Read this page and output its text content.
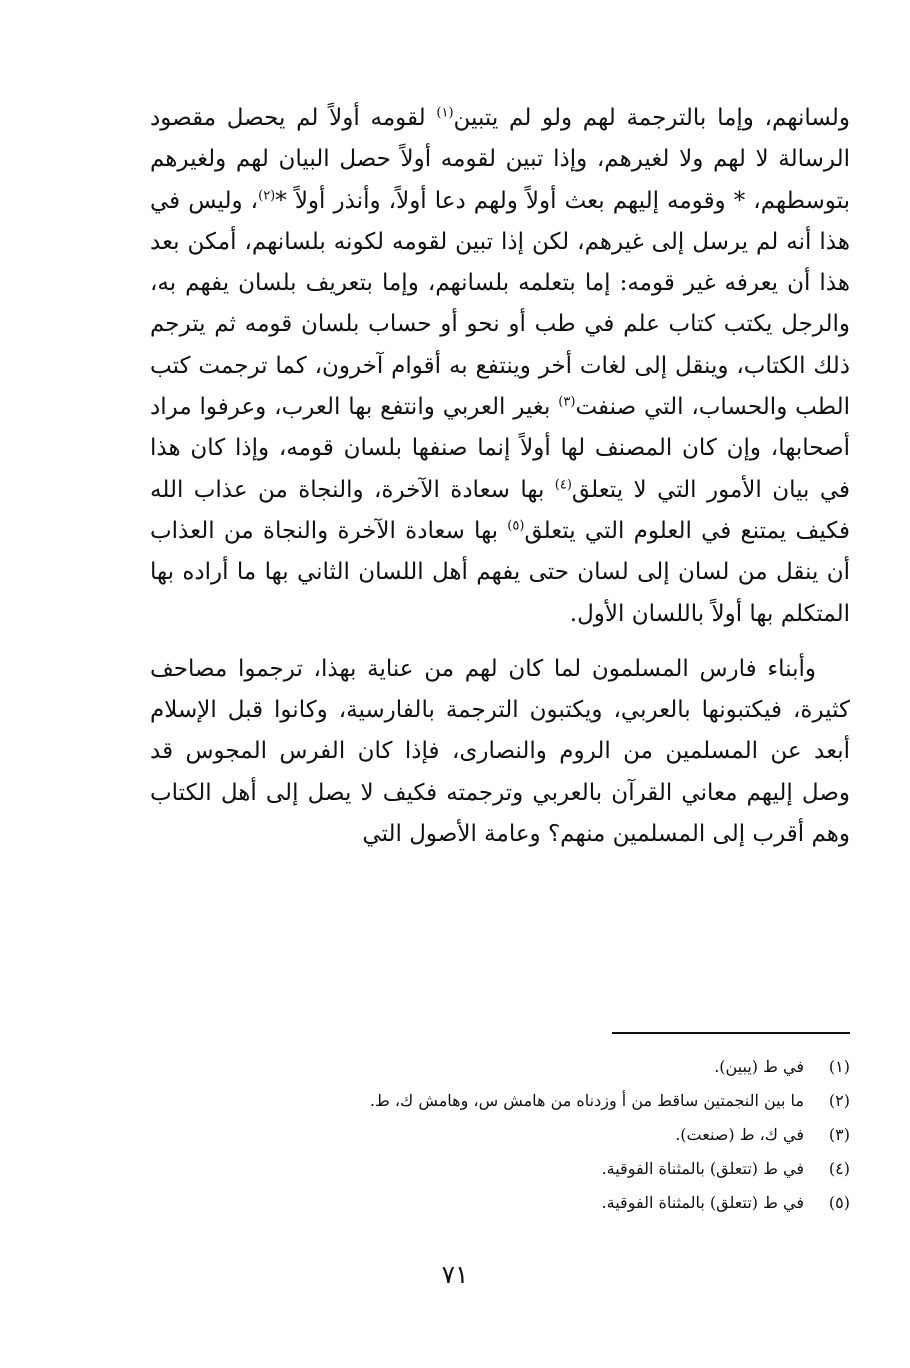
ولسانهم، وإما بالترجمة لهم ولو لم يتبين$^{(١)}$ لقومه أولاً لم يحصل مقصود الرسالة لا لهم ولا لغيرهم، وإذا تبين لقومه أولاً حصل البيان لهم ولغيرهم بتوسطهم، * وقومه إليهم بعث أولاً ولهم دعا أولاً، وأنذر أولاً *$^{(٢)}$، وليس في هذا أنه لم يرسل إلى غيرهم، لكن إذا تبين لقومه لكونه بلسانهم، أمكن بعد هذا أن يعرفه غير قومه: إما بتعلمه بلسانهم، وإما بتعريف بلسان يفهم به، والرجل يكتب كتاب علم في طب أو نحو أو حساب بلسان قومه ثم يترجم ذلك الكتاب، وينقل إلى لغات أخر وينتفع به أقوام آخرون، كما ترجمت كتب الطب والحساب، التي صنفت$^{(٣)}$ بغير العربي وانتفع بها العرب، وعرفوا مراد أصحابها، وإن كان المصنف لها أولاً إنما صنفها بلسان قومه، وإذا كان هذا في بيان الأمور التي لا يتعلق$^{(٤)}$ بها سعادة الآخرة، والنجاة من عذاب الله فكيف يمتنع في العلوم التي يتعلق$^{(٥)}$ بها سعادة الآخرة والنجاة من العذاب أن ينقل من لسان إلى لسان حتى يفهم أهل اللسان الثاني بها ما أراده بها المتكلم بها أولاً باللسان الأول.

وأبناء فارس المسلمون لما كان لهم من عناية بهذا، ترجموا مصاحف كثيرة، فيكتبونها بالعربي، ويكتبون الترجمة بالفارسية، وكانوا قبل الإسلام أبعد عن المسلمين من الروم والنصارى، فإذا كان الفرس المجوس قد وصل إليهم معاني القرآن بالعربي وترجمته فكيف لا يصل إلى أهل الكتاب وهم أقرب إلى المسلمين منهم؟ وعامة الأصول التي

(١)
في ط (يبين).
(٢)
ما بين النجمتين ساقط من أ وزدناه من هامش س، وهامش ك، ط.
(٣)
في ك، ط (صنعت).
(٤)
في ط (تتعلق) بالمثناة الفوقية.
(٥)
في ط (تتعلق) بالمثناة الفوقية.
٧١
